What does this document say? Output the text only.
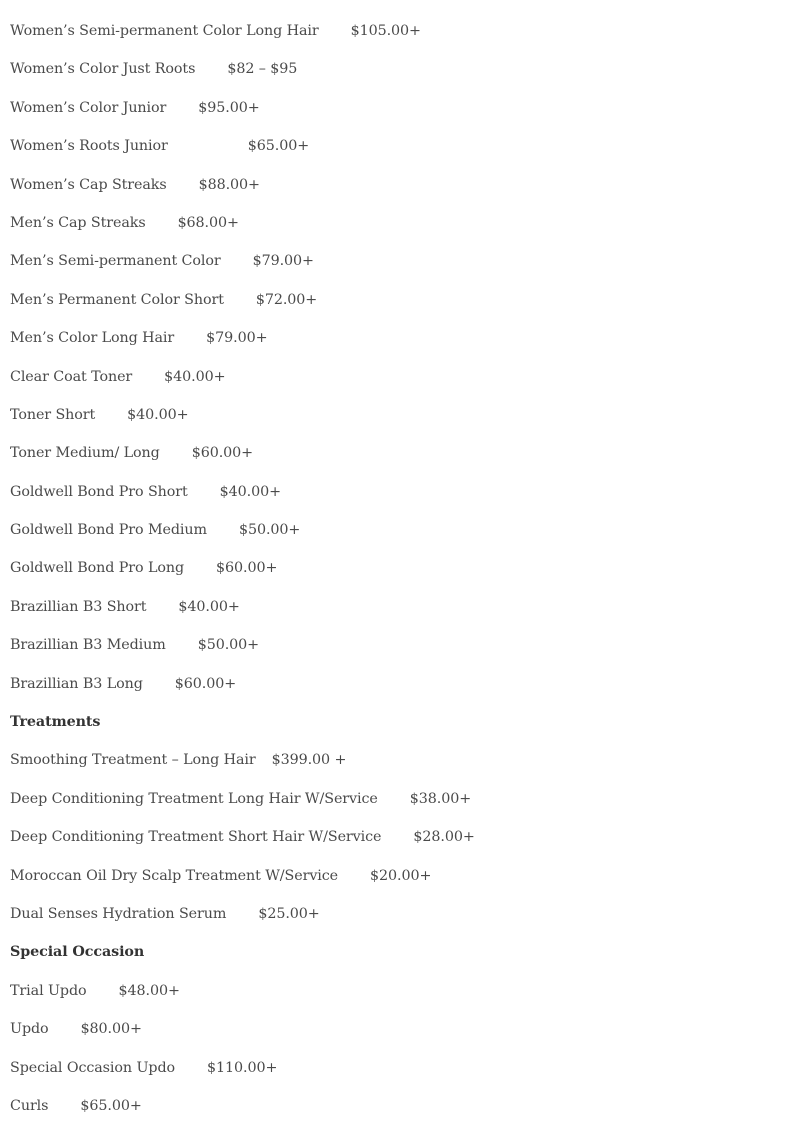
Women’s Semi-permanent Color Long Hair $105.00+
Women’s Color Just Roots $82 – $95
Women’s Color Junior $95.00+
Women’s Roots Junior	$65.00+
Women’s Cap Streaks $88.00+
Men’s Cap Streaks $68.00+
Men’s Semi-permanent Color $79.00+
Men’s Permanent Color Short $72.00+
Men’s Color Long Hair $79.00+
Clear Coat Toner $40.00+
Toner Short $40.00+
Toner Medium/ Long $60.00+
Goldwell Bond Pro Short $40.00+
Goldwell Bond Pro Medium $50.00+
Goldwell Bond Pro Long $60.00+
Brazillian B3 Short $40.00+
Brazillian B3 Medium $50.00+
Brazillian B3 Long $60.00+
Treatments
Smoothing Treatment – Long Hair $399.00 +
Deep Conditioning Treatment Long Hair W/Service $38.00+
Deep Conditioning Treatment Short Hair W/Service $28.00+
Moroccan Oil Dry Scalp Treatment W/Service $20.00+
Dual Senses Hydration Serum $25.00+
Special Occasion
Trial Updo $48.00+
Updo $80.00+
Special Occasion Updo $110.00+
Curls $65.00+
